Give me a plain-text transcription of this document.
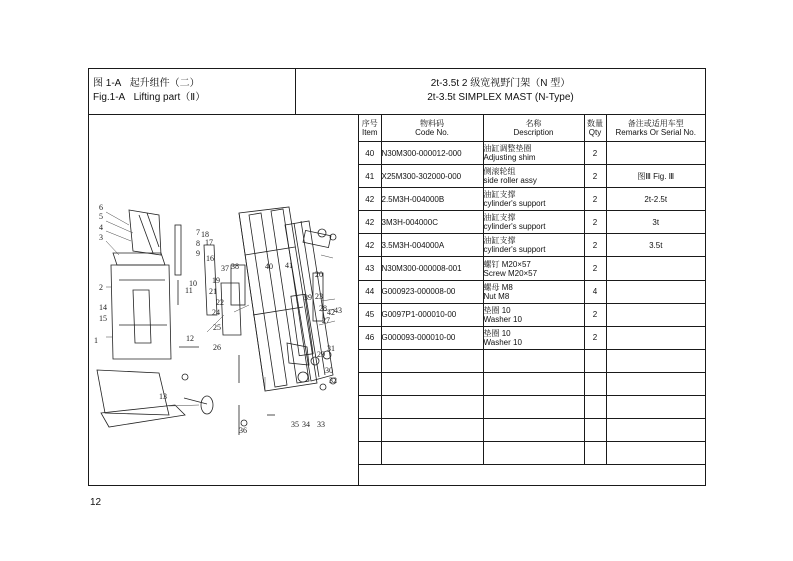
图 1-A 起升组件（二）
Fig.1-A Lifting part（Ⅱ）
2t-3.5t 2 级宽视野门架（N 型）
2t-3.5t SIMPLEX MAST (N-Type)
1
2
3
4
5
6
7
8
9
10
11
12
13
14
15
16
17
18
19
20
21
22
23
24
25
26
27
28
29
30
31
32
33
34
35
36
37 38
39
40 41
42 43
序号
Item	物料码
Code No.	名称
Description	数量
Qty	备注或适用车型
Remarks Or Serial No.
40	N30M300-000012-000	油缸调整垫圈
Adjusting shim	2	
41	X25M300-302000-000	侧滚轮组
side roller assy	2	图Ⅲ Fig. Ⅲ
42	2.5M3H-004000B	油缸支撑
cylinder's support	2	2t-2.5t
42	3M3H-004000C	油缸支撑
cylinder's support	2	3t
42	3.5M3H-004000A	油缸支撑
cylinder's support	2	3.5t
43	N30M300-000008-001	螺钉 M20×57
Screw M20×57	2	
44	G000923-000008-00	螺母 M8
Nut M8	4	
45	G0097P1-000010-00	垫圈 10
Washer 10	2	
46	G000093-000010-00	垫圈 10
Washer 10	2	

12
